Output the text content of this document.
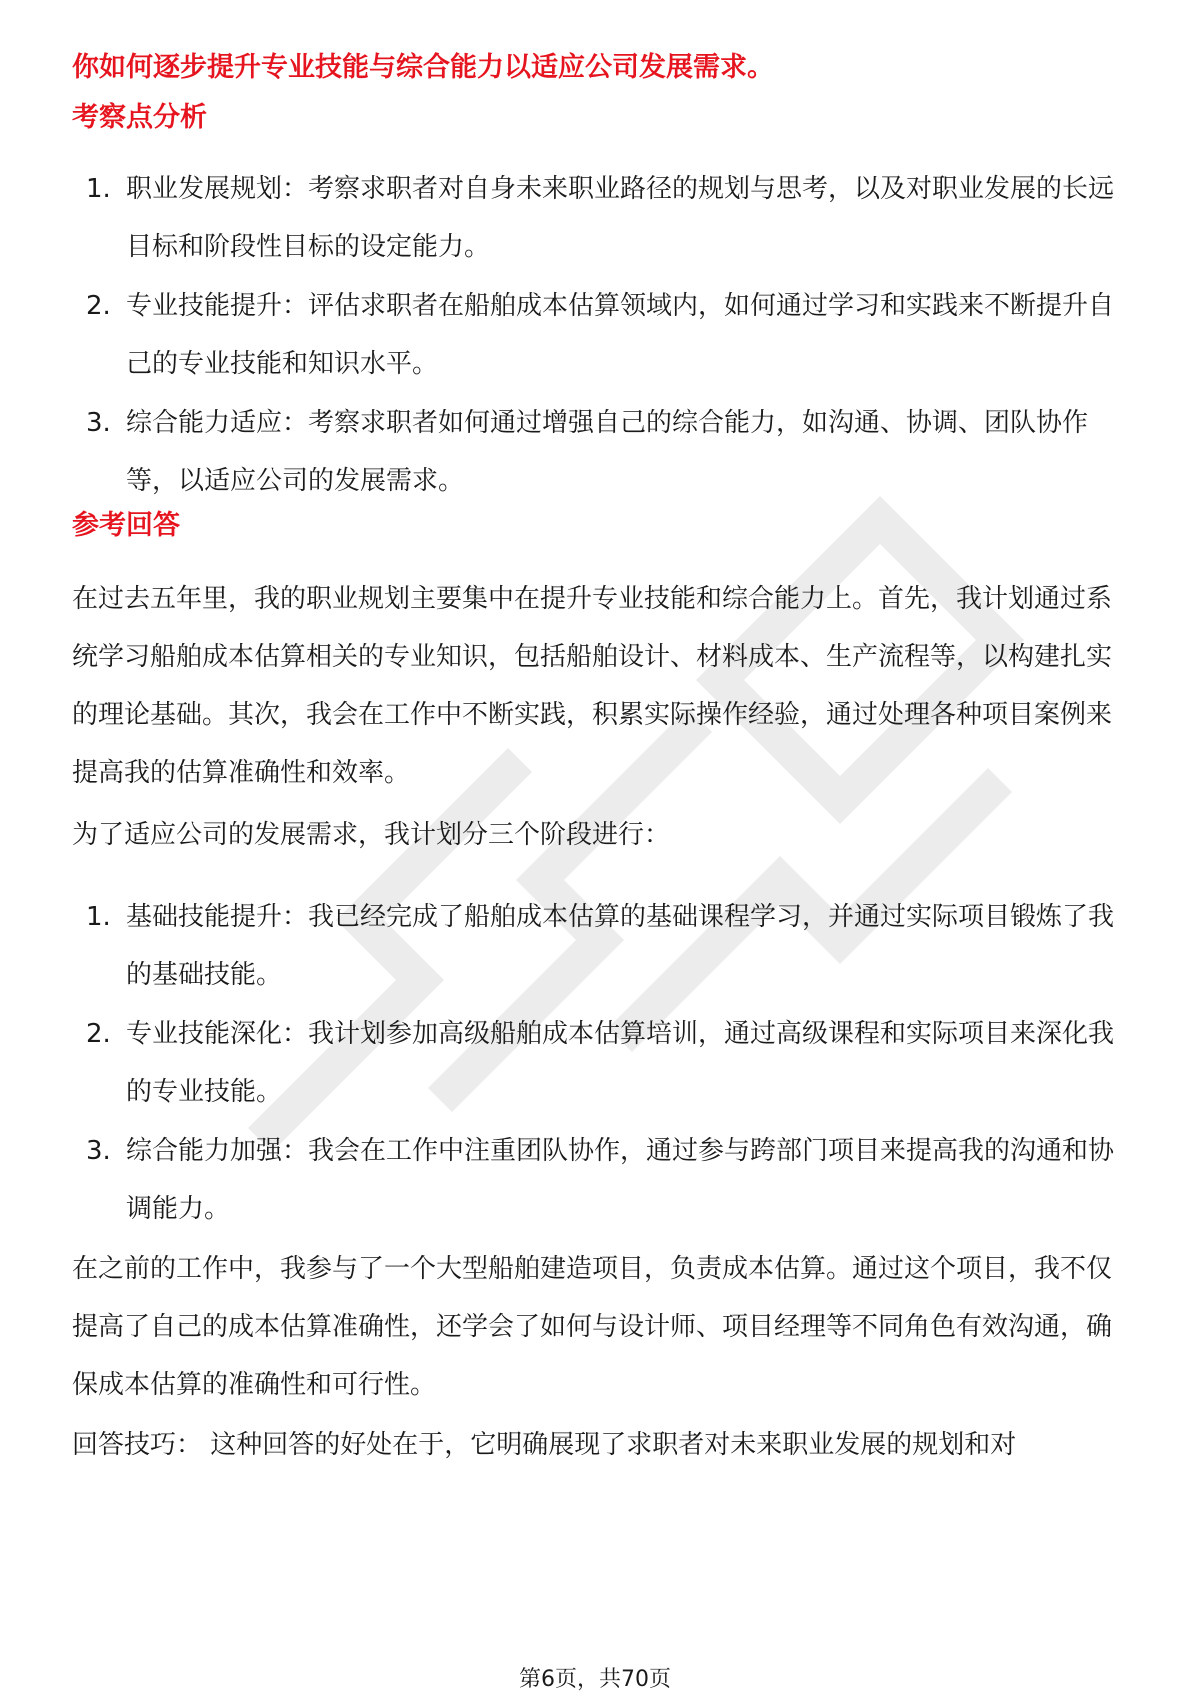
你如何逐步提升专业技能与综合能力以适应公司发展需求。
考察点分析
1. 职业发展规划：考察求职者对自身未来职业路径的规划与思考，以及对职业发展的长远目标和阶段性目标的设定能力。
2. 专业技能提升：评估求职者在船舶成本估算领域内，如何通过学习和实践来不断提升自己的专业技能和知识水平。
3. 综合能力适应：考察求职者如何通过增强自己的综合能力，如沟通、协调、团队协作等，以适应公司的发展需求。
参考回答

在过去五年里，我的职业规划主要集中在提升专业技能和综合能力上。首先，我计划通过系统学习船舶成本估算相关的专业知识，包括船舶设计、材料成本、生产流程等，以构建扎实的理论基础。其次，我会在工作中不断实践，积累实际操作经验，通过处理各种项目案例来提高我的估算准确性和效率。

为了适应公司的发展需求，我计划分三个阶段进行：

1. 基础技能提升：我已经完成了船舶成本估算的基础课程学习，并通过实际项目锻炼了我的基础技能。
2. 专业技能深化：我计划参加高级船舶成本估算培训，通过高级课程和实际项目来深化我的专业技能。
3. 综合能力加强：我会在工作中注重团队协作，通过参与跨部门项目来提高我的沟通和协调能力。

在之前的工作中，我参与了一个大型船舶建造项目，负责成本估算。通过这个项目，我不仅提高了自己的成本估算准确性，还学会了如何与设计师、项目经理等不同角色有效沟通，确保成本估算的准确性和可行性。

回答技巧： 这种回答的好处在于，它明确展现了求职者对未来职业发展的规划和对

第6页，共70页
